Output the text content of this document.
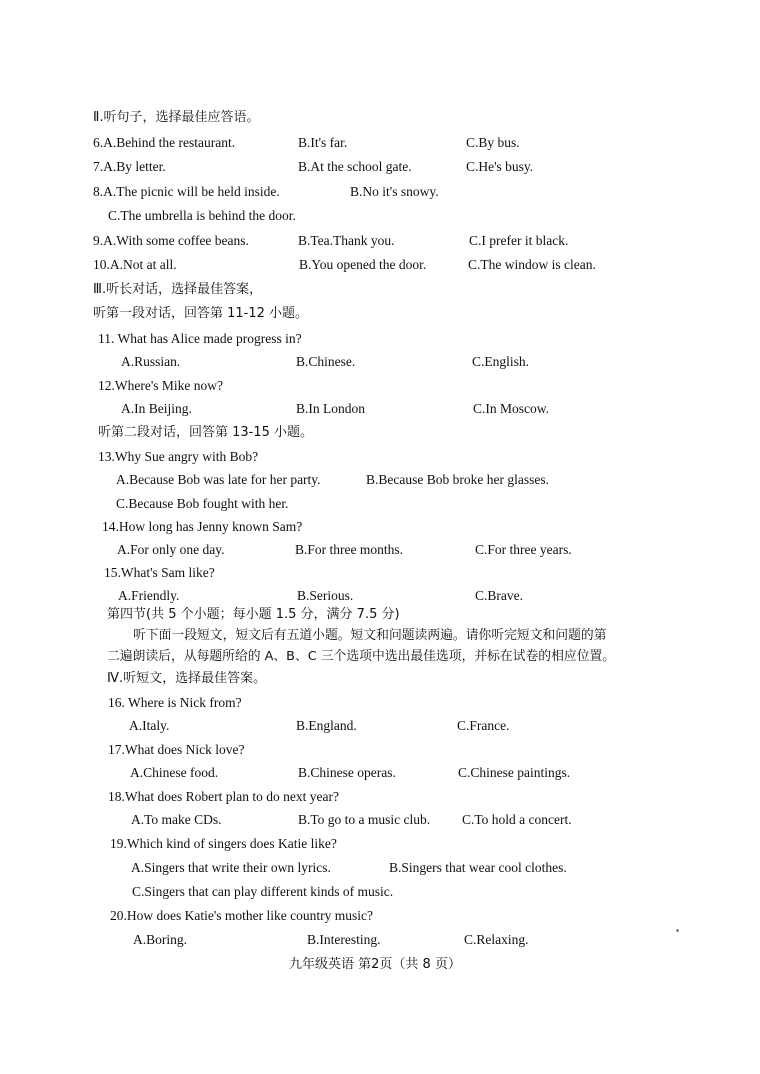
Ⅱ.听句子，选择最佳应答语。
6.A.Behind the restaurant.	B.It's far.	C.By bus.
7.A.By letter.	B.At the school gate.	C.He's busy.
8.A.The picnic will be held inside.	B.No it's snowy.
C.The umbrella is behind the door.
9.A.With some coffee beans.	B.Tea.Thank you.	C.I prefer it black.
10.A.Not at all.	B.You opened the door.	C.The window is clean.
Ⅲ.听长对话，选择最佳答案，
听第一段对话，回答第 11-12 小题。
11. What has Alice made progress in?
A.Russian.	B.Chinese.	C.English.
12.Where's Mike now?
A.In Beijing.	B.In London	C.In Moscow.
听第二段对话，回答第 13-15 小题。
13.Why Sue angry with Bob?
A.Because Bob was late for her party.	B.Because Bob broke her glasses.
C.Because Bob fought with her.
14.How long has Jenny known Sam?
A.For only one day.	B.For three months.	C.For three years.
15.What's Sam like?
A.Friendly.	B.Serious.	C.Brave.
第四节(共 5 个小题；每小题 1.5 分，满分 7.5 分)
听下面一段短文，短文后有五道小题。短文和问题读两遍。请你听完短文和问题的第
二遍朗读后，从每题所给的 A、B、C 三个选项中选出最佳选项，并标在试卷的相应位置。
Ⅳ.听短文，选择最佳答案。
16. Where is Nick from?
A.Italy.	B.England.	C.France.
17.What does Nick love?
A.Chinese food.	B.Chinese operas.	C.Chinese paintings.
18.What does Robert plan to do next year?
A.To make CDs.	B.To go to a music club. C.To hold a concert.
19.Which kind of singers does Katie like?
A.Singers that write their own lyrics.	B.Singers that wear cool clothes.
C.Singers that can play different kinds of music.
20.How does Katie's mother like country music?
A.Boring.	B.Interesting.	C.Relaxing.
九年级英语 第2页（共 8 页）
